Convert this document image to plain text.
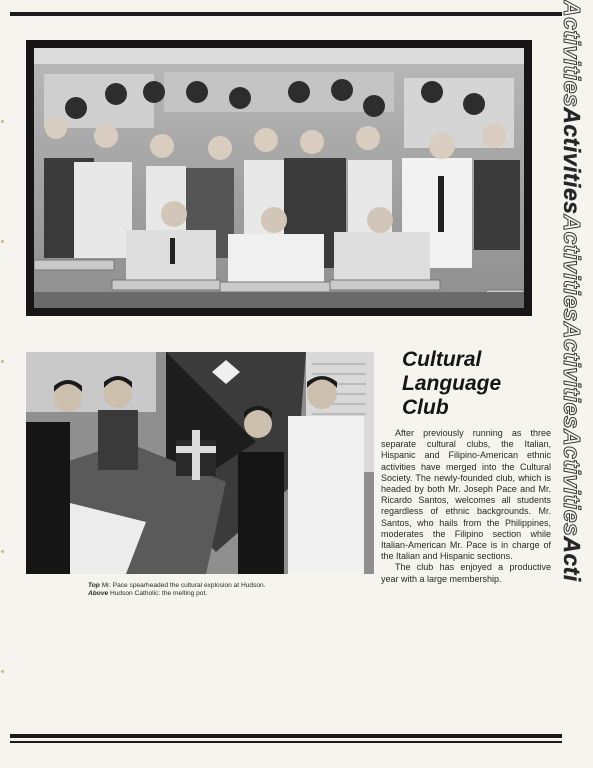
Cultural
Language
Club

After previously running as three separate cultural clubs, the Italian, Hispanic and Filipino-American ethnic activities have merged into the Cultural Society. The newly-founded club, which is headed by both Mr. Joseph Pace and Mr. Ricardo Santos, welcomes all students regardless of ethnic backgrounds. Mr. Santos, who hails from the Philippines, moderates the Filipino section while Italian-American Mr. Pace is in charge of the Italian and Hispanic sections.

The club has enjoyed a productive year with a large membership.

Top Mr. Pace spearheaded the cultural explosion at Hudson.
Above Hudson Catholic: the melting pot.
ActivitiesActivitiesActivitiesActivitiesActivitiesActi
